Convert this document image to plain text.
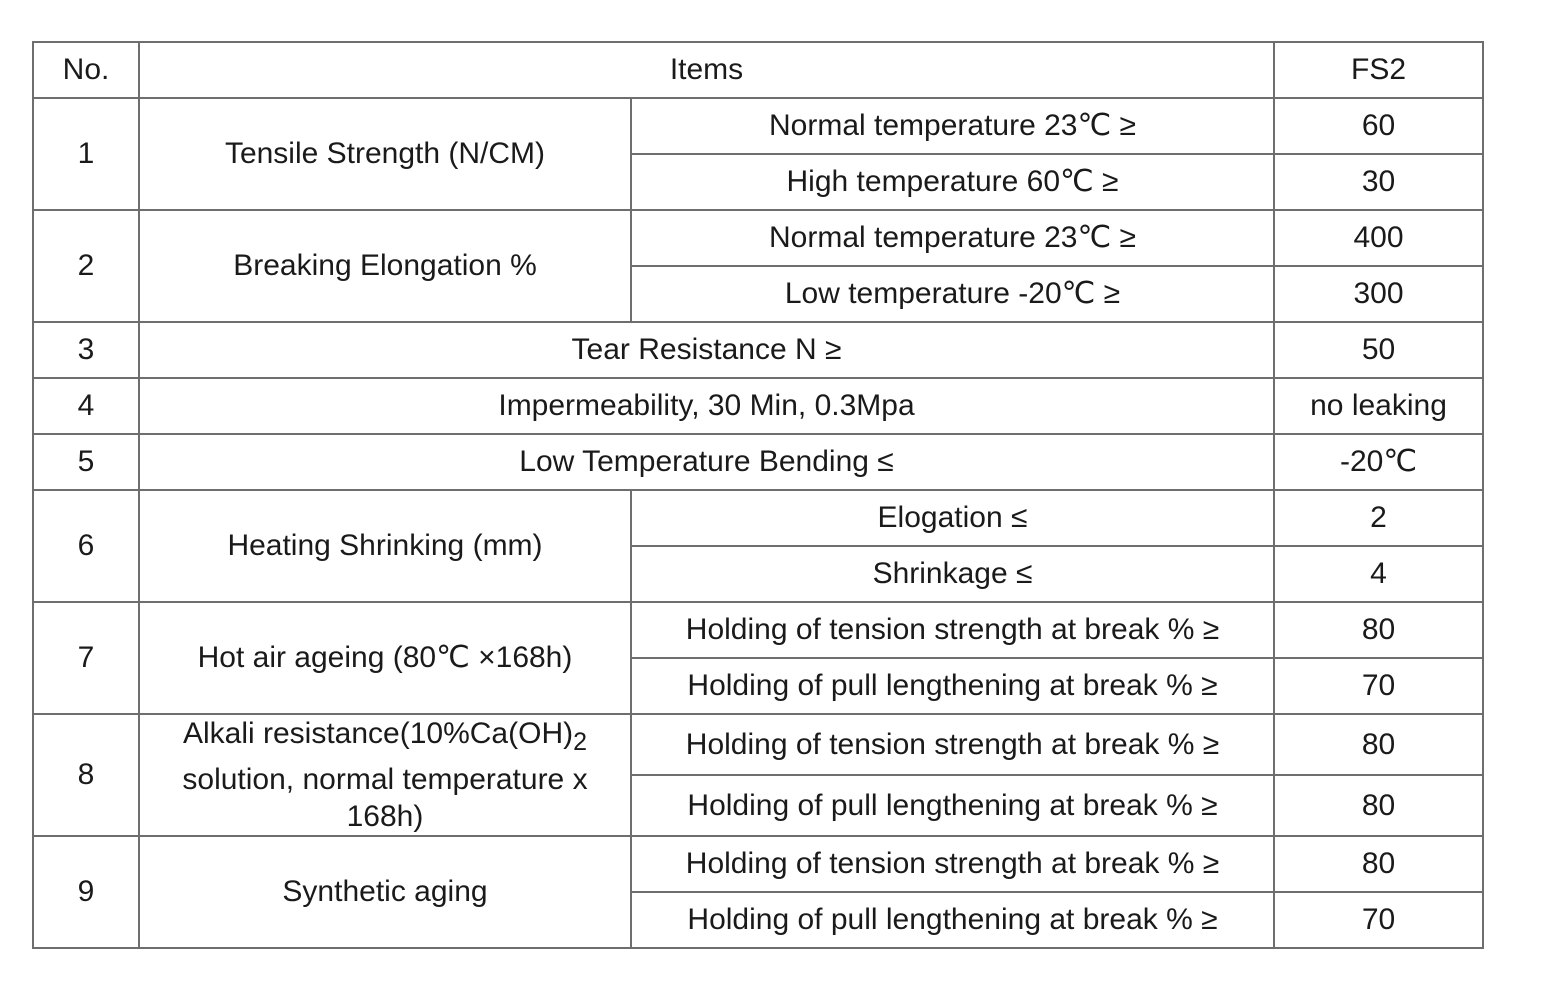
No.	Items		FS2
1	Tensile Strength (N/CM)	Normal temperature 23℃ ≥	60
		High temperature 60℃ ≥	30
2	Breaking Elongation %	Normal temperature 23℃ ≥	400
		Low temperature -20℃ ≥	300
3	Tear Resistance N ≥		50
4	Impermeability, 30 Min, 0.3Mpa		no leaking
5	Low Temperature Bending ≤		-20℃
6	Heating Shrinking (mm)	Elogation ≤	2
		Shrinkage ≤	4
7	Hot air ageing (80℃ ×168h)	Holding of tension strength at break % ≥	80
		Holding of pull lengthening at break % ≥	70
8	Alkali $resistance(10\%Ca(OH)_2$ solution, normal temperature x 168h)	Holding of tension strength at break % ≥	80
		Holding of pull lengthening at break % ≥	80
9	Synthetic aging	Holding of tension strength at break % ≥	80
		Holding of pull lengthening at break % ≥	70
